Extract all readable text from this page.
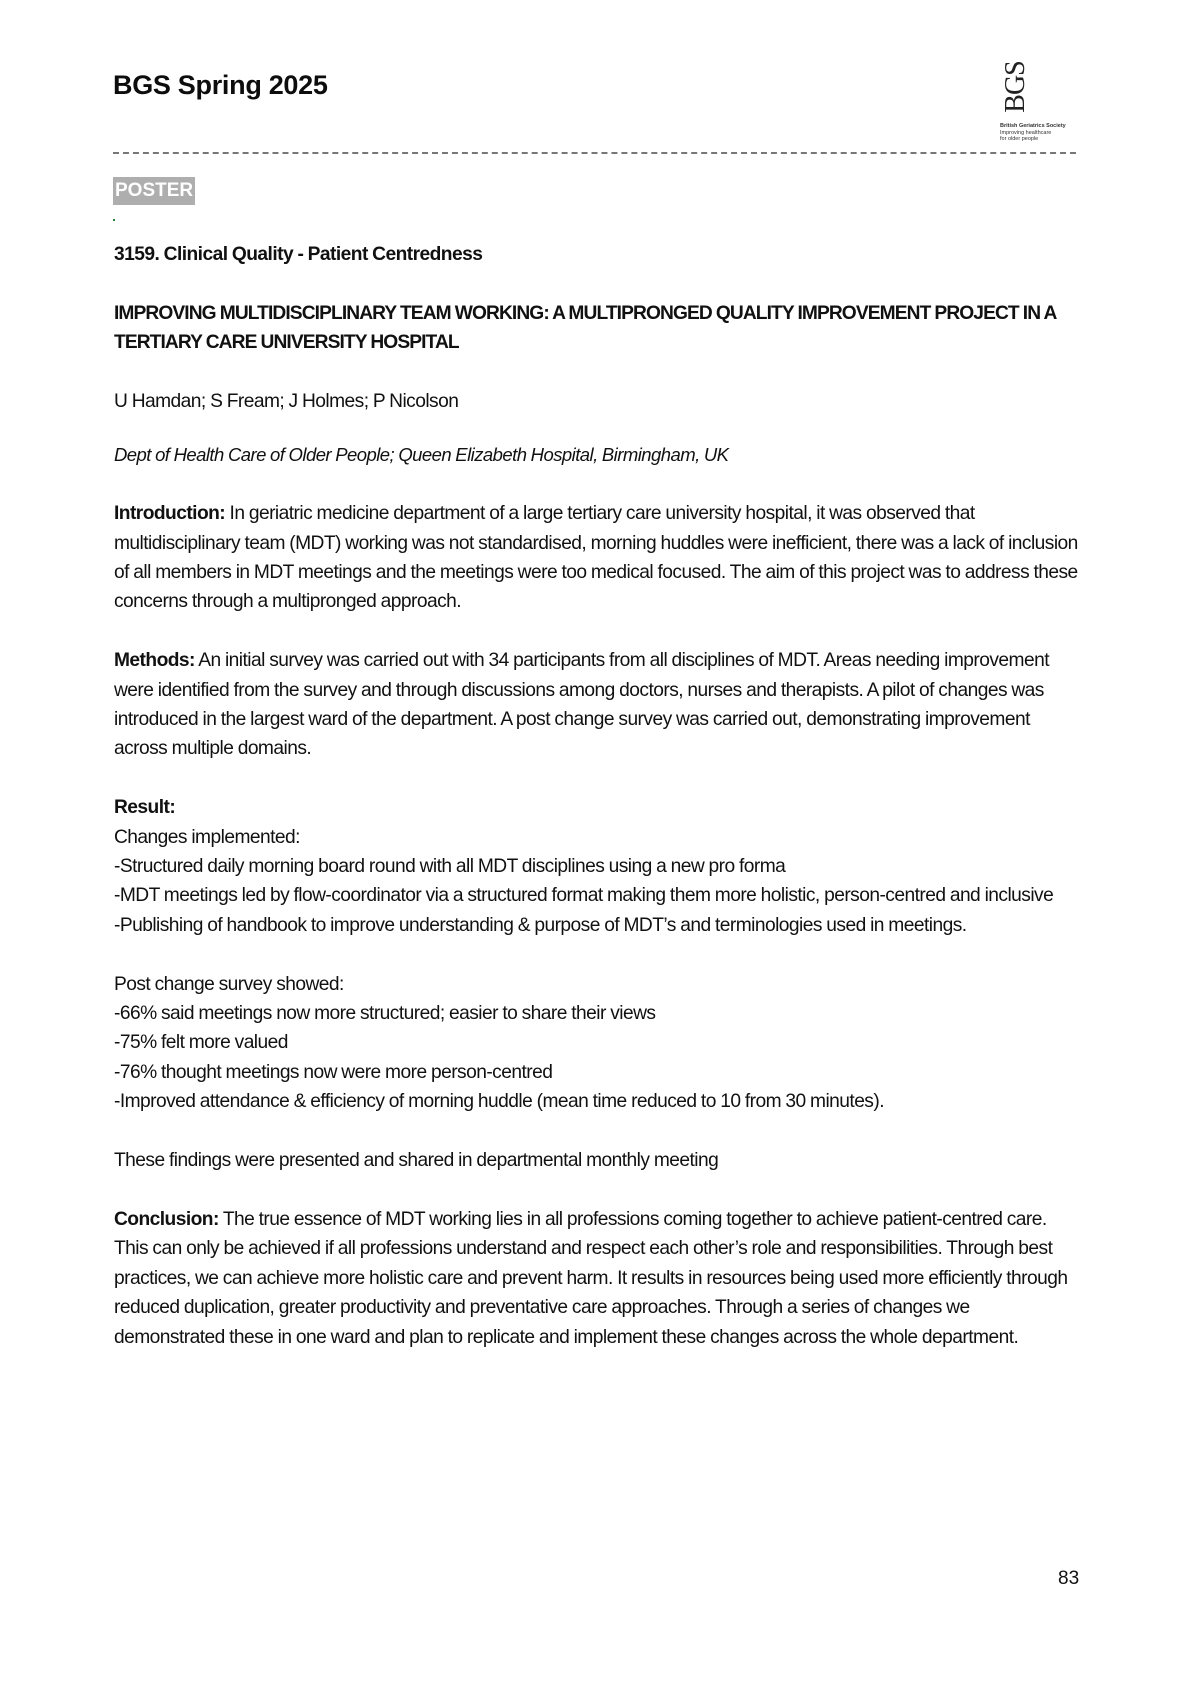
BGS Spring 2025	BGS
British Geriatrics Society
Improving healthcare
for older people
POSTER

3159. Clinical Quality - Patient Centredness

IMPROVING MULTIDISCIPLINARY TEAM WORKING: A MULTIPRONGED QUALITY IMPROVEMENT PROJECT IN A TERTIARY CARE UNIVERSITY HOSPITAL

U Hamdan; S Fream; J Holmes; P Nicolson

Dept of Health Care of Older People; Queen Elizabeth Hospital, Birmingham, UK

Introduction: In geriatric medicine department of a large tertiary care university hospital, it was observed that multidisciplinary team (MDT) working was not standardised, morning huddles were inefficient, there was a lack of inclusion of all members in MDT meetings and the meetings were too medical focused. The aim of this project was to address these concerns through a multipronged approach.

Methods: An initial survey was carried out with 34 participants from all disciplines of MDT. Areas needing improvement were identified from the survey and through discussions among doctors, nurses and therapists. A pilot of changes was introduced in the largest ward of the department. A post change survey was carried out, demonstrating improvement across multiple domains.

Result:
Changes implemented:
-Structured daily morning board round with all MDT disciplines using a new pro forma
-MDT meetings led by flow-coordinator via a structured format making them more holistic, person-centred and inclusive
-Publishing of handbook to improve understanding & purpose of MDT’s and terminologies used in meetings.
Post change survey showed:
-66% said meetings now more structured; easier to share their views
-75% felt more valued
-76% thought meetings now were more person-centred
-Improved attendance & efficiency of morning huddle (mean time reduced to 10 from 30 minutes).

These findings were presented and shared in departmental monthly meeting

Conclusion: The true essence of MDT working lies in all professions coming together to achieve patient-centred care. This can only be achieved if all professions understand and respect each other’s role and responsibilities. Through best practices, we can achieve more holistic care and prevent harm. It results in resources being used more efficiently through reduced duplication, greater productivity and preventative care approaches. Through a series of changes we demonstrated these in one ward and plan to replicate and implement these changes across the whole department.

83
